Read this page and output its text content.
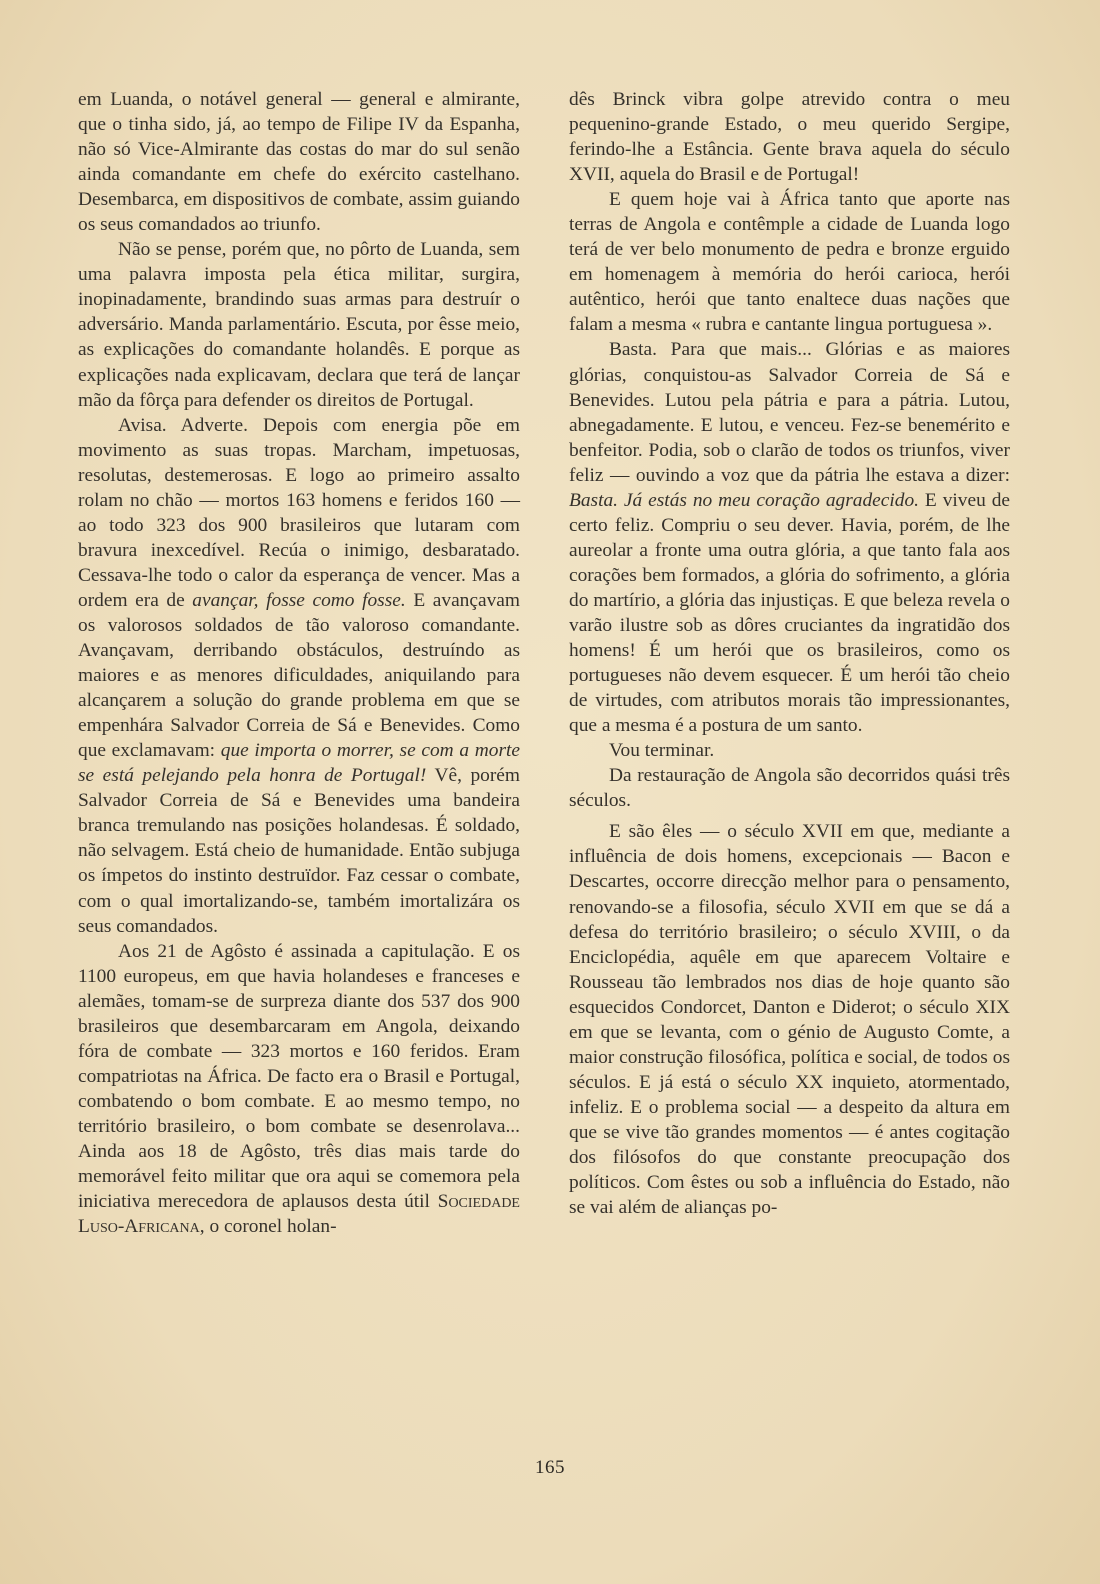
em Luanda, o notável general — general e almirante, que o tinha sido, já, ao tempo de Filipe IV da Espanha, não só Vice-Almirante das costas do mar do sul senão ainda comandante em chefe do exército castelhano. Desembarca, em dispositivos de combate, assim guiando os seus comandados ao triunfo.

Não se pense, porém que, no pôrto de Luanda, sem uma palavra imposta pela ética militar, surgira, inopinadamente, brandindo suas armas para destruír o adversário. Manda parlamentário. Escuta, por êsse meio, as explicações do comandante holandês. E porque as explicações nada explicavam, declara que terá de lançar mão da fôrça para defender os direitos de Portugal.

Avisa. Adverte. Depois com energia põe em movimento as suas tropas. Marcham, impetuosas, resolutas, destemerosas. E logo ao primeiro assalto rolam no chão — mortos 163 homens e feridos 160 — ao todo 323 dos 900 brasileiros que lutaram com bravura inexcedível. Recúa o inimigo, desbaratado. Cessava-lhe todo o calor da esperança de vencer. Mas a ordem era de avançar, fosse como fosse. E avançavam os valorosos soldados de tão valoroso comandante. Avançavam, derribando obstáculos, destruíndo as maiores e as menores dificuldades, aniquilando para alcançarem a solução do grande problema em que se empenhára Salvador Correia de Sá e Benevides. Como que exclamavam: que importa o morrer, se com a morte se está pelejando pela honra de Portugal! Vê, porém Salvador Correia de Sá e Benevides uma bandeira branca tremulando nas posições holandesas. É soldado, não selvagem. Está cheio de humanidade. Então subjuga os ímpetos do instinto destruïdor. Faz cessar o combate, com o qual imortalizando-se, também imortalizára os seus comandados.

Aos 21 de Agôsto é assinada a capitulação. E os 1100 europeus, em que havia holandeses e franceses e alemães, tomam-se de surpreza diante dos 537 dos 900 brasileiros que desembarcaram em Angola, deixando fóra de combate — 323 mortos e 160 feridos. Eram compatriotas na África. De facto era o Brasil e Portugal, combatendo o bom combate. E ao mesmo tempo, no território brasileiro, o bom combate se desenrolava... Ainda aos 18 de Agôsto, três dias mais tarde do memorável feito militar que ora aqui se comemora pela iniciativa merecedora de aplausos desta útil Sociedade Luso-Africana, o coronel holan-

dês Brinck vibra golpe atrevido contra o meu pequenino-grande Estado, o meu querido Sergipe, ferindo-lhe a Estância. Gente brava aquela do século XVII, aquela do Brasil e de Portugal!

E quem hoje vai à África tanto que aporte nas terras de Angola e contêmple a cidade de Luanda logo terá de ver belo monumento de pedra e bronze erguido em homenagem à memória do herói carioca, herói autêntico, herói que tanto enaltece duas nações que falam a mesma « rubra e cantante lingua portuguesa ».

Basta. Para que mais... Glórias e as maiores glórias, conquistou-as Salvador Correia de Sá e Benevides. Lutou pela pátria e para a pátria. Lutou, abnegadamente. E lutou, e venceu. Fez-se benemérito e benfeitor. Podia, sob o clarão de todos os triunfos, viver feliz — ouvindo a voz que da pátria lhe estava a dizer: Basta. Já estás no meu coração agradecido. E viveu de certo feliz. Compriu o seu dever. Havia, porém, de lhe aureolar a fronte uma outra glória, a que tanto fala aos corações bem formados, a glória do sofrimento, a glória do martírio, a glória das injustiças. E que beleza revela o varão ilustre sob as dôres cruciantes da ingratidão dos homens! É um herói que os brasileiros, como os portugueses não devem esquecer. É um herói tão cheio de virtudes, com atributos morais tão impressionantes, que a mesma é a postura de um santo.

Vou terminar.

Da restauração de Angola são decorridos quási três séculos.

E são êles — o século XVII em que, mediante a influência de dois homens, excepcionais — Bacon e Descartes, occorre direcção melhor para o pensamento, renovando-se a filosofia, século XVII em que se dá a defesa do território brasileiro; o século XVIII, o da Enciclopédia, aquêle em que aparecem Voltaire e Rousseau tão lembrados nos dias de hoje quanto são esquecidos Condorcet, Danton e Diderot; o século XIX em que se levanta, com o génio de Augusto Comte, a maior construção filosófica, política e social, de todos os séculos. E já está o século XX inquieto, atormentado, infeliz. E o problema social — a despeito da altura em que se vive tão grandes momentos — é antes cogitação dos filósofos do que constante preocupação dos políticos. Com êstes ou sob a influência do Estado, não se vai além de alianças po-

165
